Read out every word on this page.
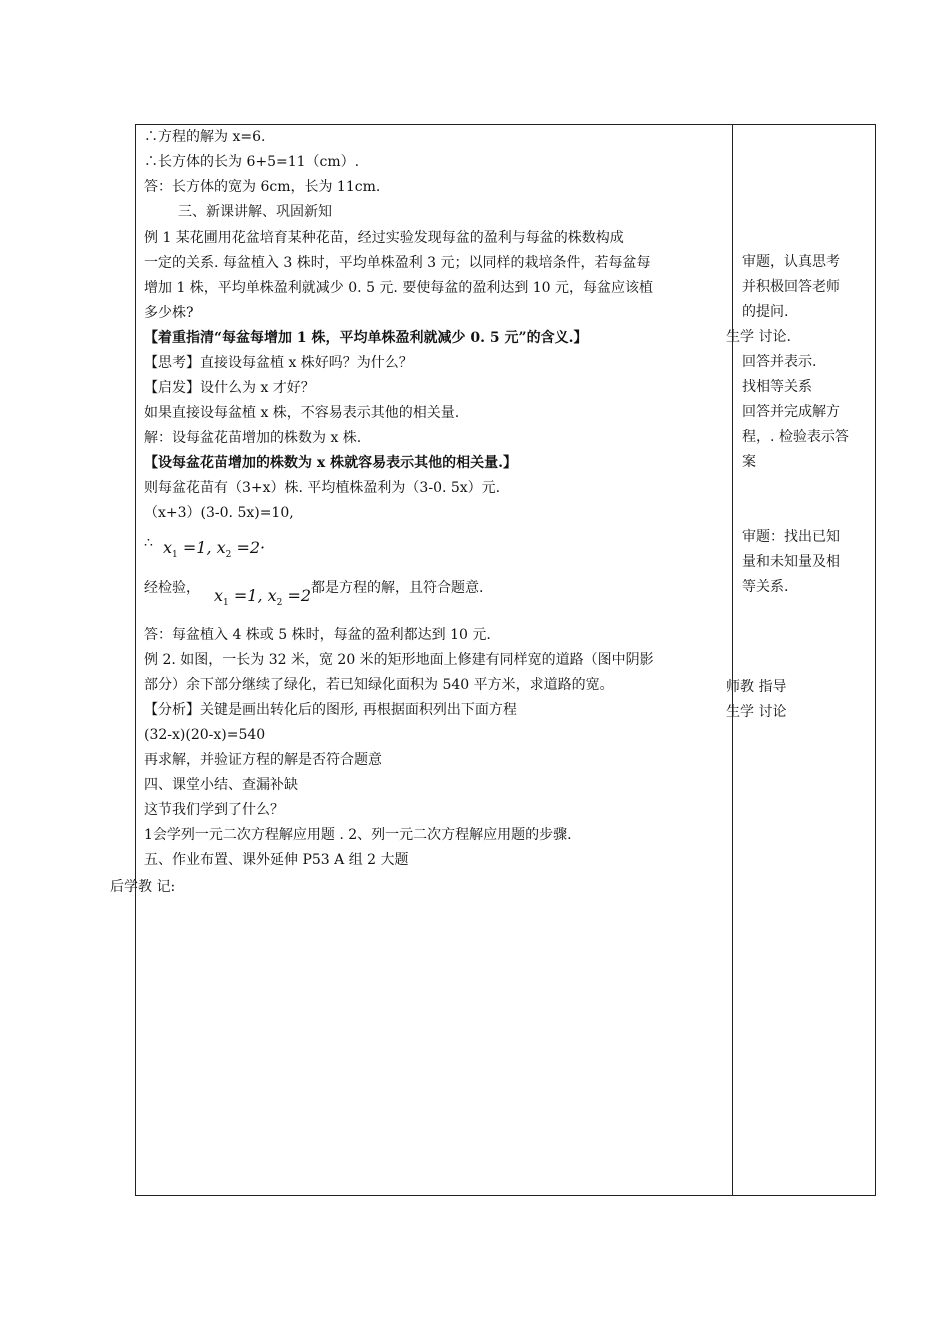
∴方程的解为 x=6.
∴长方体的长为 6+5=11（cm）.
答：长方体的宽为 6cm，长为 11cm.
三、新课讲解、巩固新知
例 1 某花圃用花盆培育某种花苗，经过实验发现每盆的盈利与每盆的株数构成
一定的关系. 每盆植入 3 株时，平均单株盈利 3 元；以同样的栽培条件，若每盆每
增加 1 株，平均单株盈利就减少 0. 5 元. 要使每盆的盈利达到 10 元，每盆应该植
多少株?
【着重指清“每盆每增加 1 株，平均单株盈利就减少 0. 5 元”的含义.】
【思考】直接设每盆植 x 株好吗？为什么？
【启发】设什么为 x 才好？
如果直接设每盆植 x 株，不容易表示其他的相关量.
解：设每盆花苗增加的株数为 x 株.
【设每盆花苗增加的株数为 x 株就容易表示其他的相关量.】
则每盆花苗有（3+x）株. 平均植株盈利为（3-0. 5x）元.
（x+3）(3-0. 5x)=10,
∴ $x_1 =1$, $x_2 =2\cdot$
经检验， $x_1 =1$, $x_2 =2$ 都是方程的解，且符合题意.
答：每盆植入 4 株或 5 株时，每盆的盈利都达到 10 元.
例 2. 如图，一长为 32 米，宽 20 米的矩形地面上修建有同样宽的道路（图中阴影
部分）余下部分继续了绿化，若已知绿化面积为 540 平方米，求道路的宽。
【分析】关键是画出转化后的图形, 再根据面积列出下面方程
(32-x)(20-x)=540
再求解，并验证方程的解是否符合题意
四、课堂小结、查漏补缺
这节我们学到了什么？
1会学列一元二次方程解应用题 . 2、列一元二次方程解应用题的步骤.
五、作业布置、课外延伸 P53 A 组 2 大题
后学教 记:
审题，认真思考
并积极回答老师
的提问.
生学 讨论.
回答并表示.
找相等关系
回答并完成解方
程，. 检验表示答
案
审题：找出已知
量和未知量及相
等关系.
师教 指导
生学 讨论
